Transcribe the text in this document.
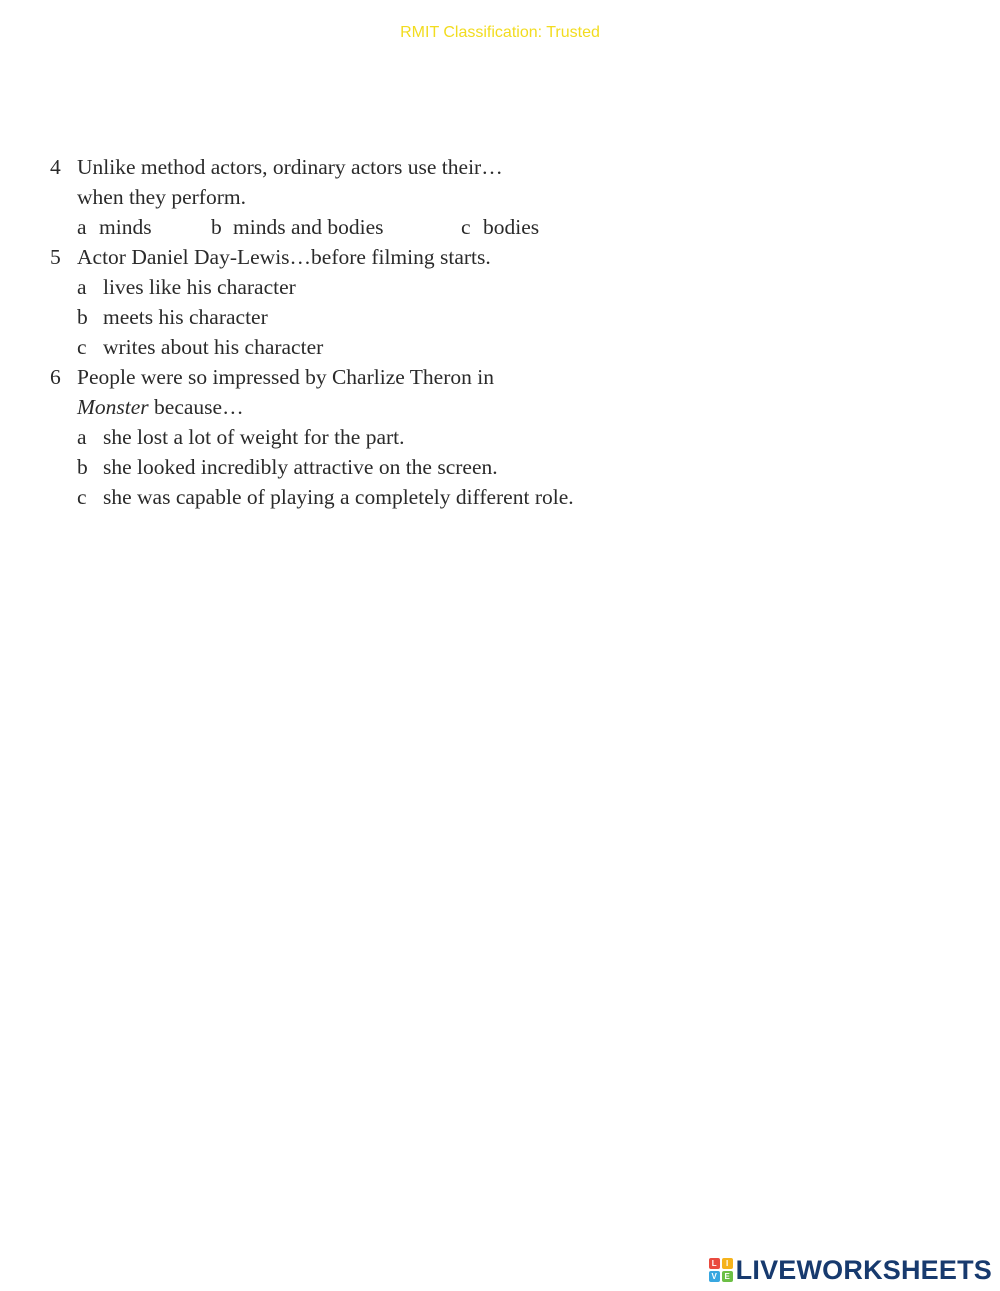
RMIT Classification: Trusted
4 Unlike method actors, ordinary actors use their…
when they perform.
a minds	b minds and bodies	c bodies
5 Actor Daniel Day-Lewis…before filming starts.
a lives like his character
b meets his character
c writes about his character
6 People were so impressed by Charlize Theron in
Monster because…
a she lost a lot of weight for the part.
b she looked incredibly attractive on the screen.
c she was capable of playing a completely different role.
L	I
V E LIVEWORKSHEETS
